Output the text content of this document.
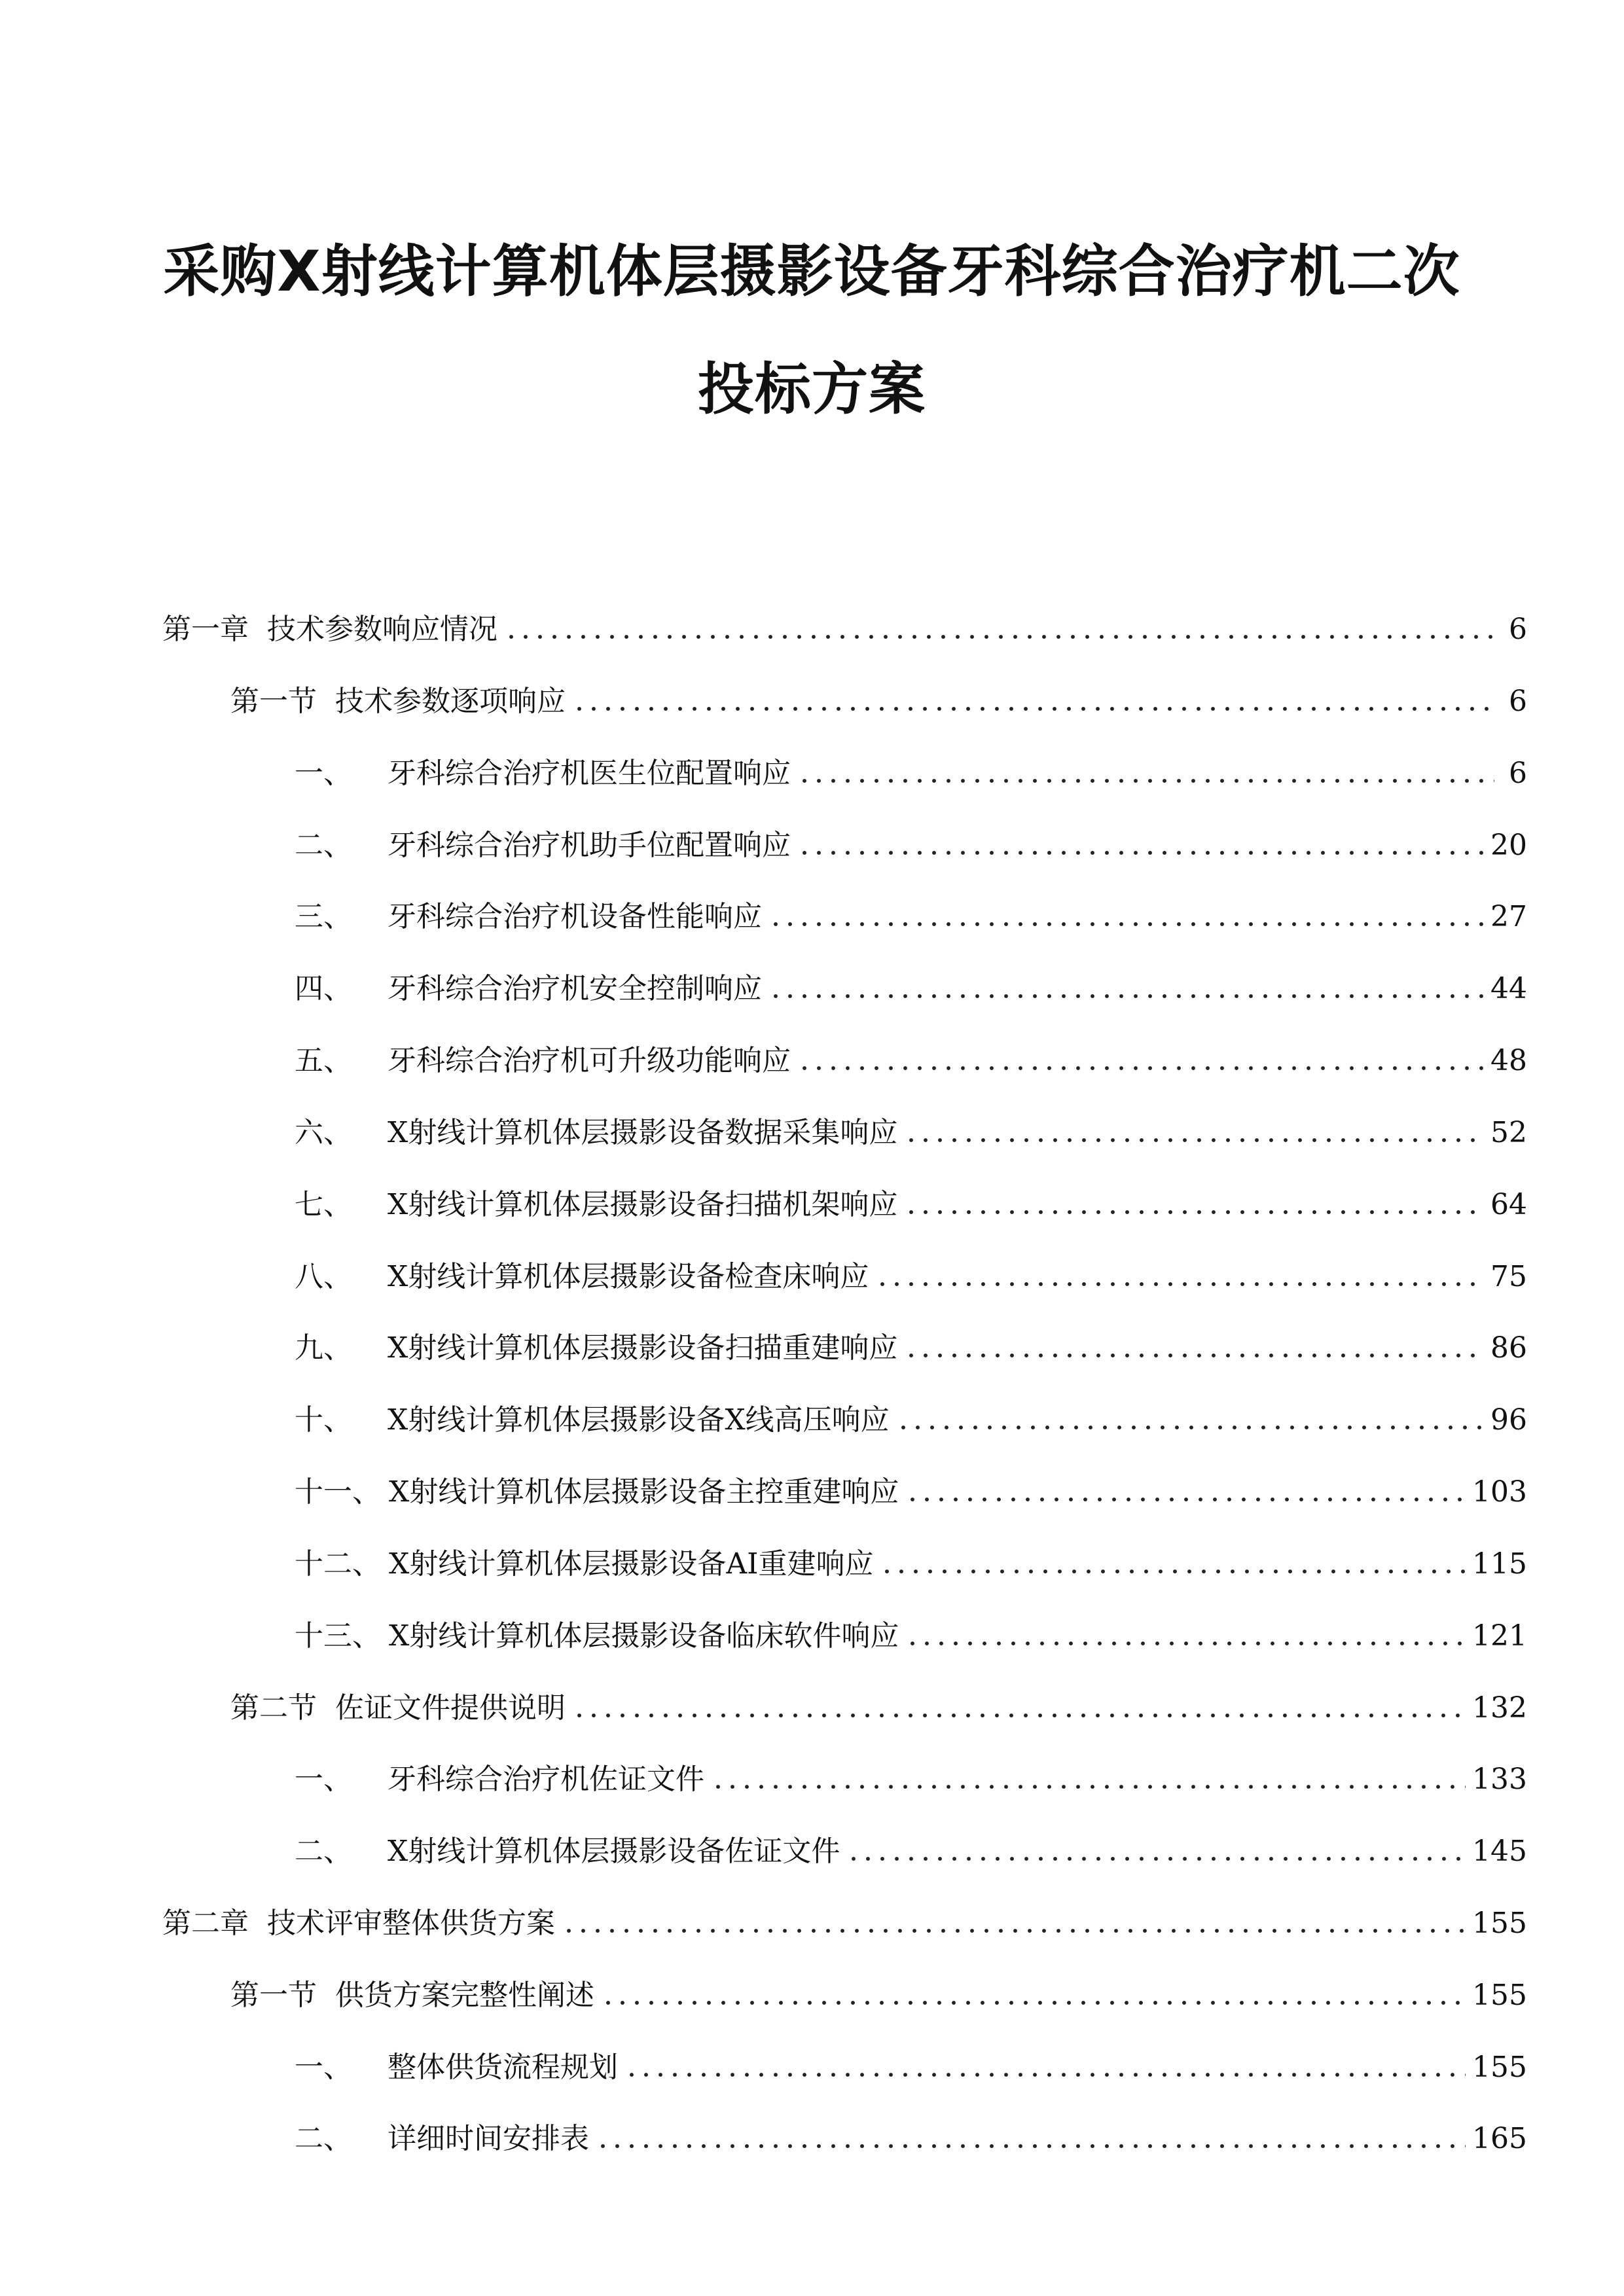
采购X射线计算机体层摄影设备牙科综合治疗机二次
投标方案
第一章 技术参数响应情况	6
第一节 技术参数逐项响应	6
一、	牙科综合治疗机医生位配置响应	6
二、	牙科综合治疗机助手位配置响应	20
三、	牙科综合治疗机设备性能响应	27
四、	牙科综合治疗机安全控制响应	44
五、	牙科综合治疗机可升级功能响应	48
六、	X射线计算机体层摄影设备数据采集响应	52
七、	X射线计算机体层摄影设备扫描机架响应	64
八、	X射线计算机体层摄影设备检查床响应	75
九、	X射线计算机体层摄影设备扫描重建响应	86
十、	X射线计算机体层摄影设备X线高压响应	96
十一、 X射线计算机体层摄影设备主控重建响应	103
十二、 X射线计算机体层摄影设备AI重建响应	115
十三、 X射线计算机体层摄影设备临床软件响应	121
第二节 佐证文件提供说明	132
一、	牙科综合治疗机佐证文件	133
二、	X射线计算机体层摄影设备佐证文件	145
第二章 技术评审整体供货方案	155
第一节 供货方案完整性阐述	155
一、	整体供货流程规划	155
二、	详细时间安排表	165
